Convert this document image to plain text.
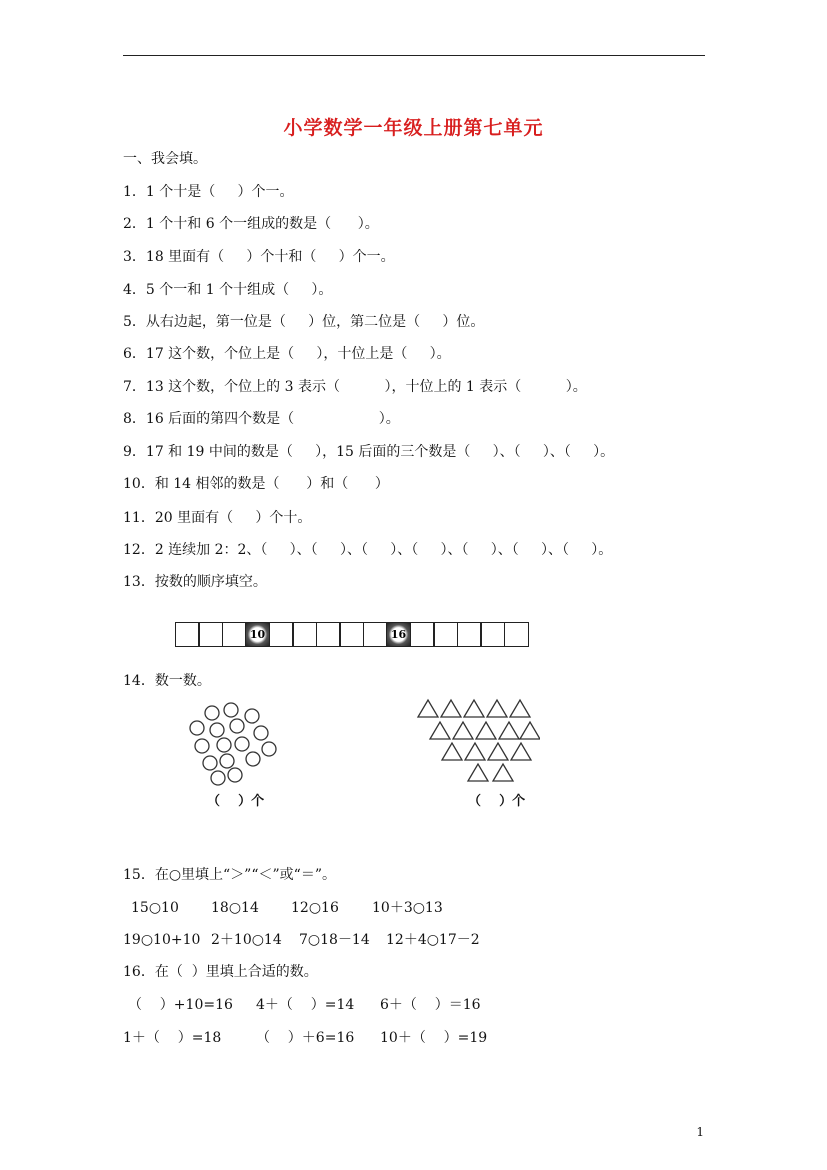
小学数学一年级上册第七单元
一、我会填。
1．1 个十是（     ）个一。
2．1 个十和 6 个一组成的数是（      ）。
3．18 里面有（     ）个十和（     ）个一。
4．5 个一和 1 个十组成（     ）。
5．从右边起，第一位是（     ）位，第二位是（     ）位。
6．17 这个数，个位上是（     ），十位上是（     ）。
7．13 这个数，个位上的 3 表示（          ），十位上的 1 表示（          ）。
8．16 后面的第四个数是（                   ）。
9．17 和 19 中间的数是（     ），15 后面的三个数是（     ）、（     ）、（     ）。
10．和 14 相邻的数是（      ）和（      ）
11．20 里面有（     ）个十。
12．2 连续加 2：2、（     ）、（     ）、（     ）、（     ）、（     ）、（     ）、（     ）。
13．按数的顺序填空。
10	16
14．数一数。
（    ）个	（    ）个
15．在○里填上“＞”“＜”或“＝”。
15○10 18○14 12○16 10＋3○13
19○10+10 2＋10○14 7○18－14 12＋4○17－2
16．在（  ）里填上合适的数。
（    ）+10=16 4＋（    ）=14 6＋（    ）＝16
1＋（    ）=18 （    ）＋6=16 10＋（    ）=19
1
